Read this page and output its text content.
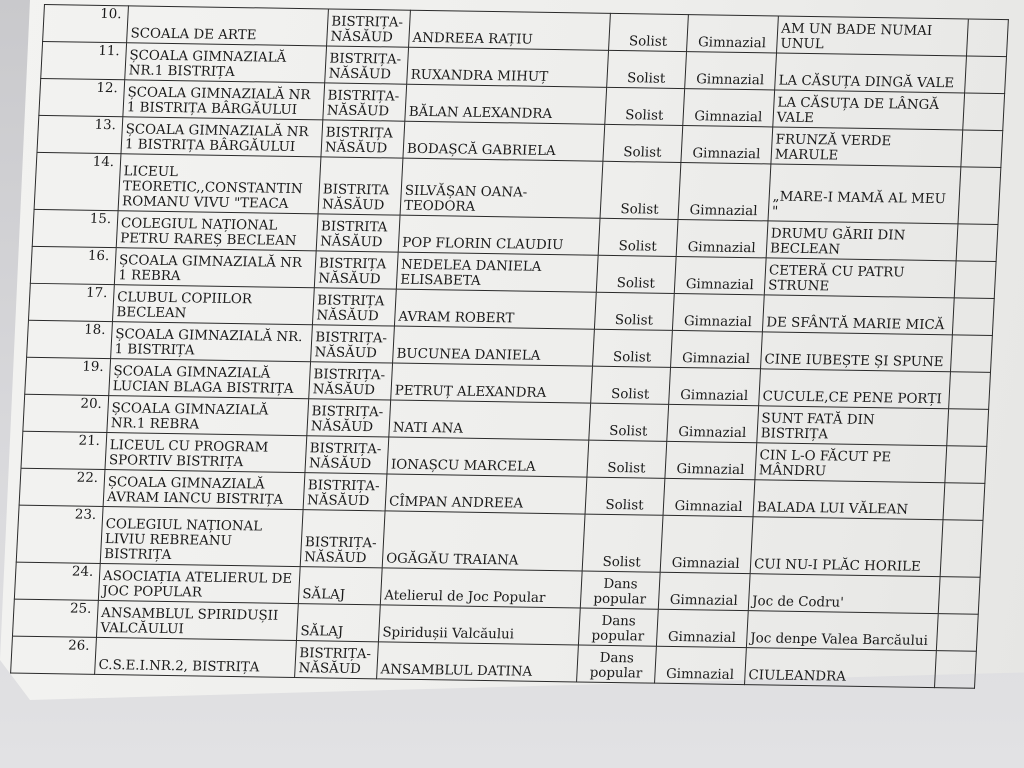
10.	SCOALA DE ARTE	BISTRIȚA-NĂSĂUD	ANDREEA RAȚIU	Solist	Gimnazial	AM UN BADE NUMAI UNUL	
11.	ȘCOALA GIMNAZIALĂ NR.1 BISTRIȚA	BISTRIȚA-NĂSĂUD	RUXANDRA MIHUȚ	Solist	Gimnazial	LA CĂSUȚA DINGĂ VALE	
12.	ȘCOALA GIMNAZIALĂ NR 1 BISTRIȚA BÂRGĂULUI	BISTRIȚA-NĂSĂUD	BĂLAN ALEXANDRA	Solist	Gimnazial	LA CĂSUȚA DE LÂNGĂ VALE	
13.	ȘCOALA GIMNAZIALĂ NR 1 BISTRIȚA BÂRGĂULUI	BISTRIȚA NĂSĂUD	BODAȘCĂ GABRIELA	Solist	Gimnazial	FRUNZĂ VERDE MARULE	
14.	LICEUL TEORETIC,,CONSTANTIN ROMANU VIVU "TEACA	BISTRITA NĂSĂUD	SILVĂȘAN OANA-TEODORA	Solist	Gimnazial	„MARE-I MAMĂ AL MEU "	
15.	COLEGIUL NAȚIONAL PETRU RAREȘ BECLEAN	BISTRITA NĂSĂUD	POP FLORIN CLAUDIU	Solist	Gimnazial	DRUMU GĂRII DIN BECLEAN	
16.	ȘCOALA GIMNAZIALĂ NR 1 REBRA	BISTRIȚA NĂSĂUD	NEDELEA DANIELA ELISABETA	Solist	Gimnazial	CETERĂ CU PATRU STRUNE	
17.	CLUBUL COPIILOR BECLEAN	BISTRIȚA NĂSĂUD	AVRAM ROBERT	Solist	Gimnazial	DE SFÂNTĂ MARIE MICĂ	
18.	ȘCOALA GIMNAZIALĂ NR. 1 BISTRIȚA	BISTRIȚA-NĂSĂUD	BUCUNEA DANIELA	Solist	Gimnazial	CINE IUBEȘTE ȘI SPUNE	
19.	ȘCOALA GIMNAZIALĂ LUCIAN BLAGA BISTRIȚA	BISTRIȚA-NĂSĂUD	PETRUȚ ALEXANDRA	Solist	Gimnazial	CUCULE,CE PENE PORȚI	
20.	ȘCOALA GIMNAZIALĂ NR.1 REBRA	BISTRIȚA-NĂSĂUD	NATI ANA	Solist	Gimnazial	SUNT FATĂ DIN BISTRIȚA	
21.	LICEUL CU PROGRAM SPORTIV BISTRIȚA	BISTRIȚA-NĂSĂUD	IONAȘCU MARCELA	Solist	Gimnazial	CIN L-O FĂCUT PE MÂNDRU	
22.	ȘCOALA GIMNAZIALĂ AVRAM IANCU BISTRIȚA	BISTRIȚA-NĂSĂUD	CÎMPAN ANDREEA	Solist	Gimnazial	BALADA LUI VĂLEAN	
23.	COLEGIUL NAȚIONAL LIVIU REBREANU BISTRIȚA	BISTRIȚA-NĂSĂUD	OGĂGĂU TRAIANA	Solist	Gimnazial	CUI NU-I PLĂC HORILE	
24.	ASOCIAȚIA ATELIERUL DE JOC POPULAR	SĂLAJ	Atelierul de Joc Popular	Dans popular	Gimnazial	Joc de Codru'	
25.	ANSAMBLUL SPIRIDUȘII VALCĂULUI	SĂLAJ	Spiridușii Valcăului	Dans popular	Gimnazial	Joc denpe Valea Barcăului	
26.	C.S.E.I.NR.2, BISTRIȚA	BISTRIȚA-NĂSĂUD	ANSAMBLUL DATINA	Dans popular	Gimnazial	CIULEANDRA	
